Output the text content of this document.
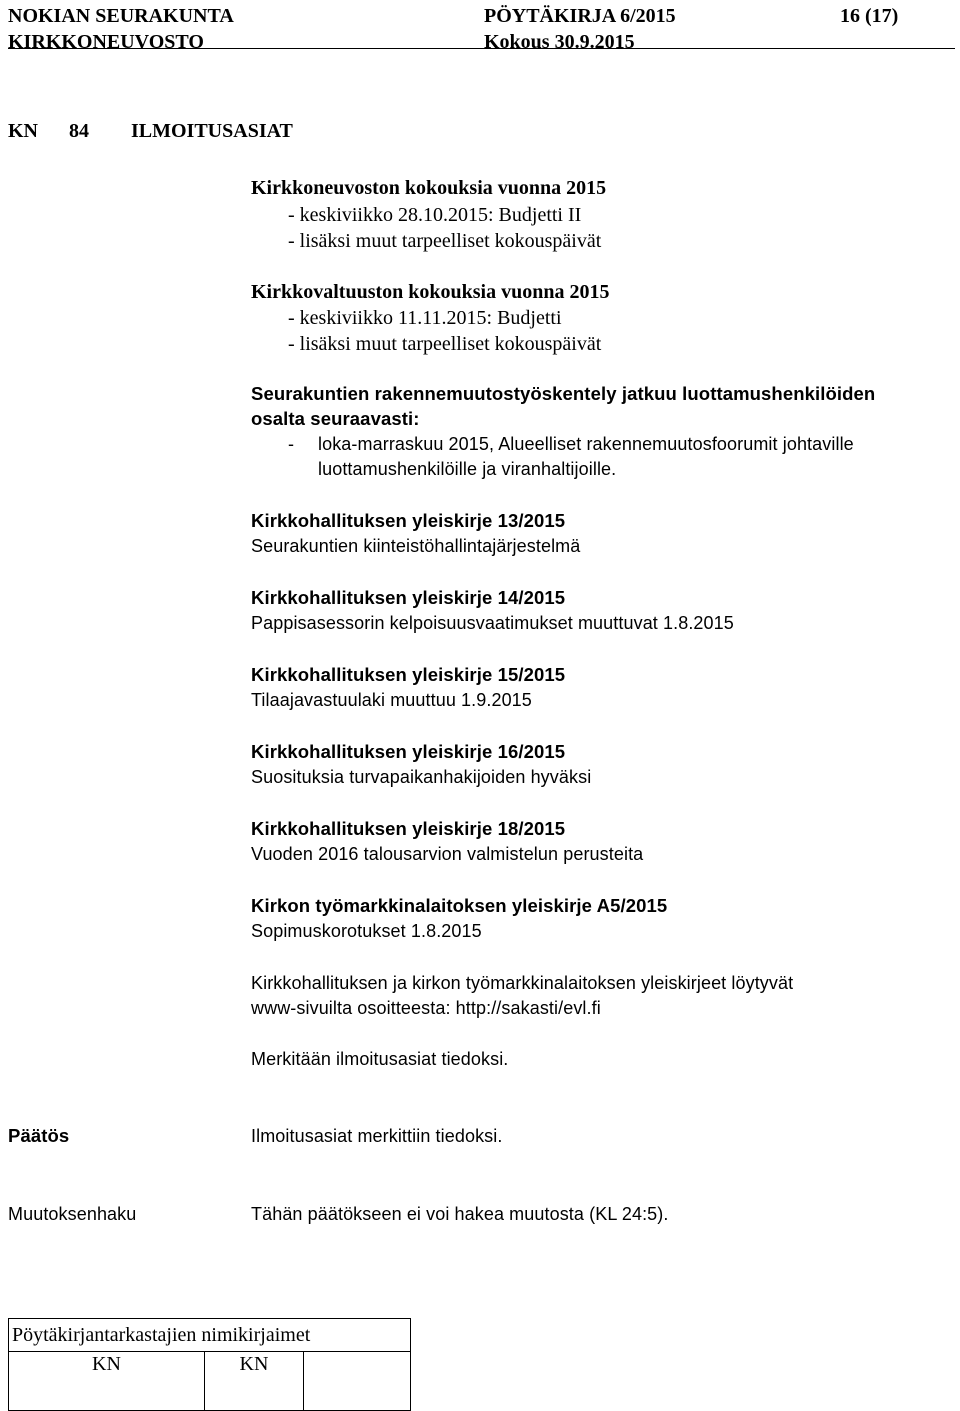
NOKIAN SEURAKUNTA	PÖYTÄKIRJA 6/2015	16 (17)
KIRKKONEUVOSTO	Kokous 30.9.2015
KN 84 ILMOITUSASIAT
Kirkkoneuvoston kokouksia vuonna 2015
- keskiviikko 28.10.2015: Budjetti II
- lisäksi muut tarpeelliset kokouspäivät
Kirkkovaltuuston kokouksia vuonna 2015
- keskiviikko 11.11.2015: Budjetti
- lisäksi muut tarpeelliset kokouspäivät
Seurakuntien rakennemuutostyöskentely jatkuu luottamushenkilöiden
osalta seuraavasti:
- loka-marraskuu 2015, Alueelliset rakennemuutosfoorumit johtaville
luottamushenkilöille ja viranhaltijoille.
Kirkkohallituksen yleiskirje 13/2015
Seurakuntien kiinteistöhallintajärjestelmä
Kirkkohallituksen yleiskirje 14/2015
Pappisasessorin kelpoisuusvaatimukset muuttuvat 1.8.2015
Kirkkohallituksen yleiskirje 15/2015
Tilaajavastuulaki muuttuu 1.9.2015
Kirkkohallituksen yleiskirje 16/2015
Suosituksia turvapaikanhakijoiden hyväksi
Kirkkohallituksen yleiskirje 18/2015
Vuoden 2016 talousarvion valmistelun perusteita
Kirkon työmarkkinalaitoksen yleiskirje A5/2015
Sopimuskorotukset 1.8.2015
Kirkkohallituksen ja kirkon työmarkkinalaitoksen yleiskirjeet löytyvät
www-sivuilta osoitteesta: http://sakasti/evl.fi
Merkitään ilmoitusasiat tiedoksi.
Päätös	Ilmoitusasiat merkittiin tiedoksi.
Muutoksenhaku	Tähän päätökseen ei voi hakea muutosta (KL 24:5).
Pöytäkirjantarkastajien nimikirjaimet
KN	KN
